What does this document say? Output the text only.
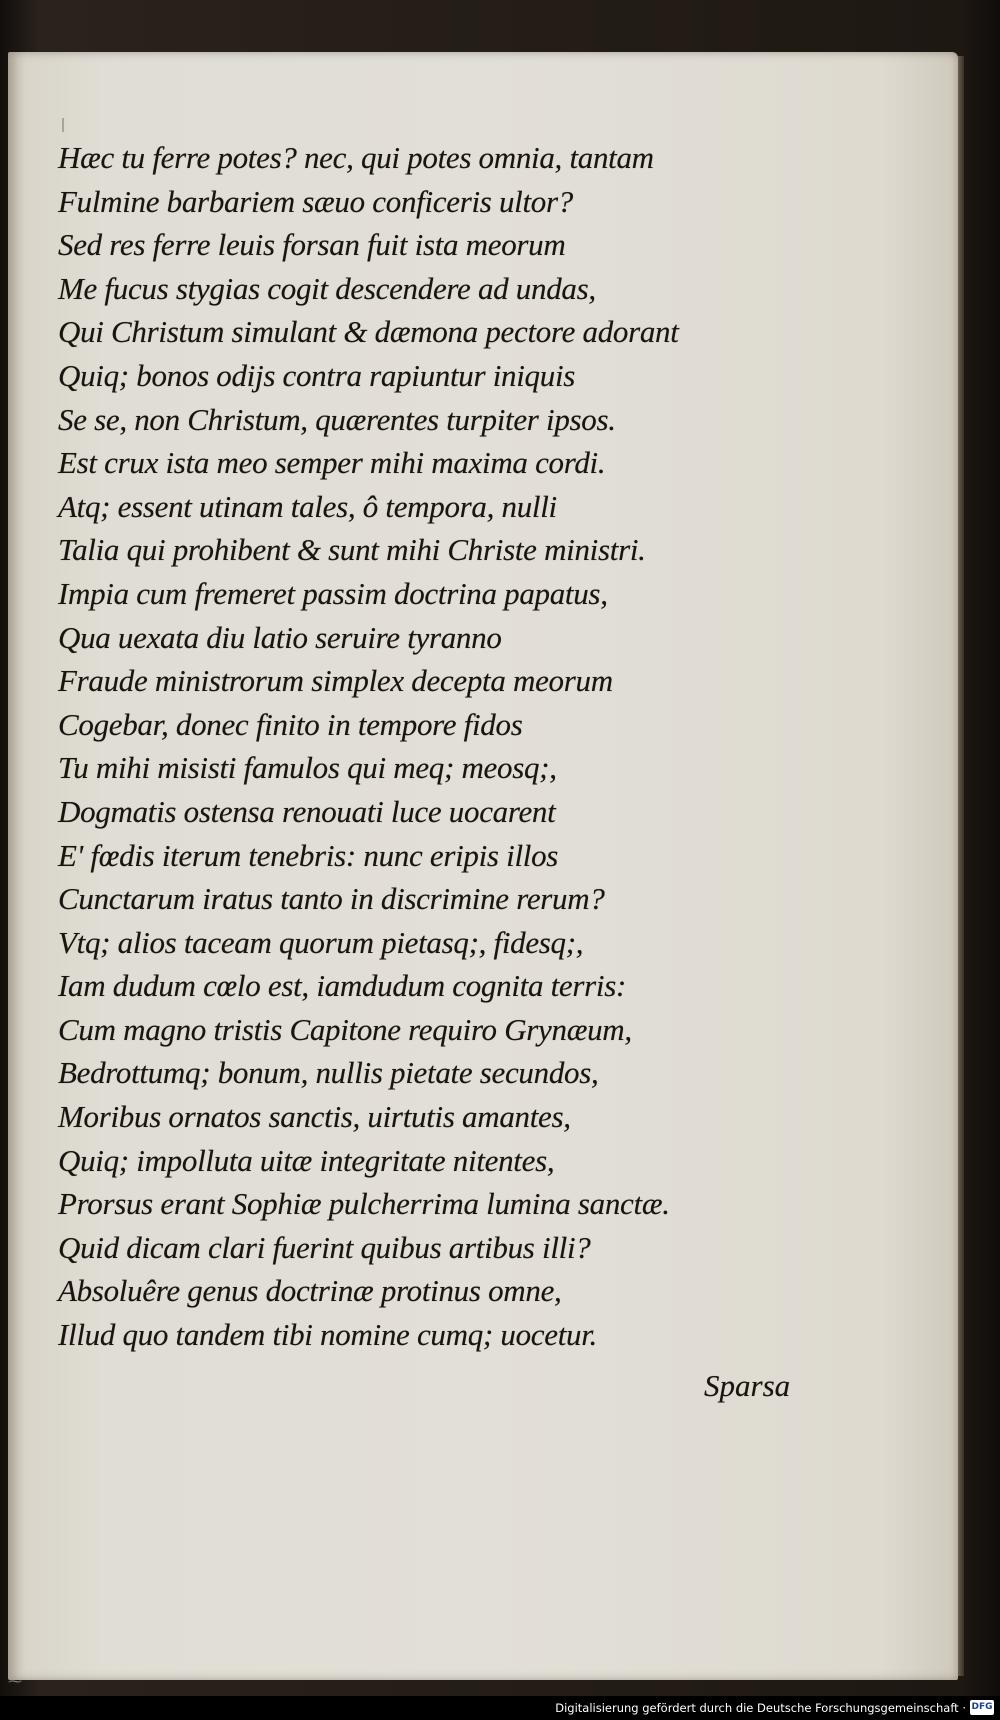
Hæc tu ferre potes? nec, qui potes omnia, tantam
Fulmine barbariem sæuo conficeris ultor?
Sed res ferre leuis forsan fuit ista meorum
Me fucus stygias cogit descendere ad undas,
Qui Christum simulant & dæmona pectore adorant
Quiq; bonos odijs contra rapiuntur iniquis
Se se, non Christum, quærentes turpiter ipsos.
Est crux ista meo semper mihi maxima cordi.
Atq; essent utinam tales, ô tempora, nulli
Talia qui prohibent & sunt mihi Christe ministri.
Impia cum fremeret passim doctrina papatus,
Qua uexata diu latio seruire tyranno
Fraude ministrorum simplex decepta meorum
Cogebar, donec finito in tempore fidos
Tu mihi misisti famulos qui meq; meosq;,
Dogmatis ostensa renouati luce uocarent
E' fœdis iterum tenebris: nunc eripis illos
Cunctarum iratus tanto in discrimine rerum?
Vtq; alios taceam quorum pietasq;, fidesq;,
Iam dudum cœlo est, iamdudum cognita terris:
Cum magno tristis Capitone requiro Grynæum,
Bedrottumq; bonum, nullis pietate secundos,
Moribus ornatos sanctis, uirtutis amantes,
Quiq; impolluta uitæ integritate nitentes,
Prorsus erant Sophiæ pulcherrima lumina sanctæ.
Quid dicam clari fuerint quibus artibus illi?
Absoluêre genus doctrinæ protinus omne,
Illud quo tandem tibi nomine cumq; uocetur.
Sparsa
⁓
Digitalisierung gefördert durch die Deutsche Forschungsgemeinschaft · DFG
